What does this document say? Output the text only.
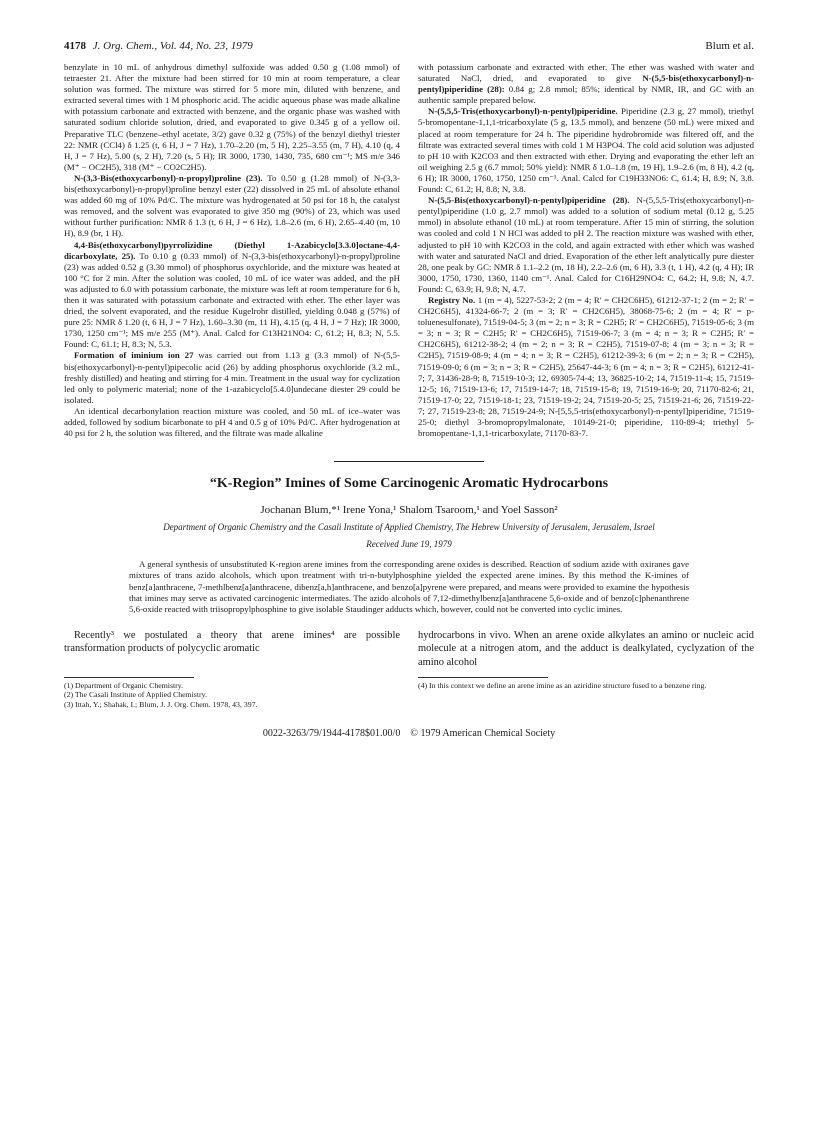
4178 J. Org. Chem., Vol. 44, No. 23, 1979	Blum et al.

benzylate in 10 mL of anhydrous dimethyl sulfoxide was added 0.50 g (1.08 mmol) of tetraester 21. After the mixture had been stirred for 10 min at room temperature, a clear solution was formed. The mixture was stirred for 5 more min, diluted with benzene, and extracted several times with 1 M phosphoric acid. The acidic aqueous phase was made alkaline with potassium carbonate and extracted with benzene, and the organic phase was washed with saturated sodium chloride solution, dried, and evaporated to give 0.345 g of a yellow oil. Preparative TLC (benzene–ethyl acetate, 3/2) gave 0.32 g (75%) of the benzyl diethyl triester 22: NMR (CCl4) δ 1.25 (t, 6 H, J = 7 Hz), 1.70–2.20 (m, 5 H), 2.25–3.55 (m, 7 H), 4.10 (q, 4 H, J = 7 Hz), 5.00 (s, 2 H), 7.20 (s, 5 H); IR 3000, 1730, 1430, 735, 680 cm⁻¹; MS m/e 346 (M⁺ − OC2H5), 318 (M⁺ − CO2C2H5).

N-(3,3-Bis(ethoxycarbonyl)-n-propyl)proline (23). To 0.50 g (1.28 mmol) of N-(3,3-bis(ethoxycarbonyl)-n-propyl)proline benzyl ester (22) dissolved in 25 mL of absolute ethanol was added 60 mg of 10% Pd/C. The mixture was hydrogenated at 50 psi for 18 h, the catalyst was removed, and the solvent was evaporated to give 350 mg (90%) of 23, which was used without further purification: NMR δ 1.3 (t, 6 H, J = 6 Hz), 1.8–2.6 (m, 6 H), 2.65–4.40 (m, 10 H), 8.9 (br, 1 H).

4,4-Bis(ethoxycarbonyl)pyrrolizidine (Diethyl 1-Azabicyclo[3.3.0]octane-4,4-dicarboxylate, 25). To 0.10 g (0.33 mmol) of N-(3,3-bis(ethoxycarbonyl)-n-propyl)proline (23) was added 0.52 g (3.30 mmol) of phosphorus oxychloride, and the mixture was heated at 100 °C for 2 min. After the solution was cooled, 10 mL of ice water was added, and the pH was adjusted to 6.0 with potassium carbonate, the mixture was left at room temperature for 6 h, then it was saturated with potassium carbonate and extracted with ether. The ether layer was dried, the solvent evaporated, and the residue Kugelrohr distilled, yielding 0.048 g (57%) of pure 25: NMR δ 1.20 (t, 6 H, J = 7 Hz), 1.60–3.30 (m, 11 H), 4.15 (q, 4 H, J = 7 Hz); IR 3000, 1730, 1250 cm⁻¹; MS m/e 255 (M⁺). Anal. Calcd for C13H21NO4: C, 61.2; H, 8.3; N, 5.5. Found: C, 61.1; H, 8.3; N, 5.3.

Formation of iminium ion 27 was carried out from 1.13 g (3.3 mmol) of N-(5,5-bis(ethoxycarbonyl)-n-pentyl)pipecolic acid (26) by adding phosphorus oxychloride (3.2 mL, freshly distilled) and heating and stirring for 4 min. Treatment in the usual way for cyclization led only to polymeric material; none of the 1-azabicyclo[5.4.0]undecane diester 29 could be isolated.

An identical decarbonylation reaction mixture was cooled, and 50 mL of ice–water was added, followed by sodium bicarbonate to pH 4 and 0.5 g of 10% Pd/C. After hydrogenation at 40 psi for 2 h, the solution was filtered, and the filtrate was made alkaline

with potassium carbonate and extracted with ether. The ether was washed with water and saturated NaCl, dried, and evaporated to give N-(5,5-bis(ethoxycarbonyl)-n-pentyl)piperidine (28): 0.84 g; 2.8 mmol; 85%; identical by NMR, IR, and GC with an authentic sample prepared below.

N-(5,5,5-Tris(ethoxycarbonyl)-n-pentyl)piperidine. Piperidine (2.3 g, 27 mmol), triethyl 5-bromopentane-1,1,1-tricarboxylate (5 g, 13.5 mmol), and benzene (50 mL) were mixed and placed at room temperature for 24 h. The piperidine hydrobromide was filtered off, and the filtrate was extracted several times with cold 1 M H3PO4. The cold acid solution was adjusted to pH 10 with K2CO3 and then extracted with ether. Drying and evaporating the ether left an oil weighing 2.5 g (6.7 mmol; 50% yield): NMR δ 1.0–1.8 (m, 19 H), 1.9–2.6 (m, 8 H), 4.2 (q, 6 H); IR 3000, 1760, 1750, 1250 cm⁻¹. Anal. Calcd for C19H33NO6: C, 61.4; H, 8.9; N, 3.8. Found: C, 61.2; H, 8.8; N, 3.8.

N-(5,5-Bis(ethoxycarbonyl)-n-pentyl)piperidine (28). N-(5,5,5-Tris(ethoxycarbonyl)-n-pentyl)piperidine (1.0 g, 2.7 mmol) was added to a solution of sodium metal (0.12 g, 5.25 mmol) in absolute ethanol (10 mL) at room temperature. After 15 min of stirring, the solution was cooled and cold 1 N HCl was added to pH 2. The reaction mixture was washed with ether, adjusted to pH 10 with K2CO3 in the cold, and again extracted with ether which was washed with water and saturated NaCl and dried. Evaporation of the ether left analytically pure diester 28, one peak by GC: NMR δ 1.1–2.2 (m, 18 H), 2.2–2.6 (m, 6 H), 3.3 (t, 1 H), 4.2 (q, 4 H); IR 3000, 1750, 1730, 1360, 1140 cm⁻¹. Anal. Calcd for C16H29NO4: C, 64.2; H, 9.8; N, 4.7. Found: C, 63.9; H, 9.8; N, 4.7.

Registry No. 1 (m = 4), 5227-53-2; 2 (m = 4; R′ = CH2C6H5), 61212-37-1; 2 (m = 2; R′ = CH2C6H5), 41324-66-7; 2 (m = 3; R′ = CH2C6H5), 38068-75-6; 2 (m = 4; R′ = p-toluenesulfonate), 71519-04-5; 3 (m = 2; n = 3; R = C2H5; R′ = CH2C6H5), 71519-05-6; 3 (m = 3; n = 3; R = C2H5; R′ = CH2C6H5), 71519-06-7; 3 (m = 4; n = 3; R = C2H5; R′ = CH2C6H5), 61212-38-2; 4 (m = 2; n = 3; R = C2H5), 71519-07-8; 4 (m = 3; n = 3; R = C2H5), 71519-08-9; 4 (m = 4; n = 3; R = C2H5), 61212-39-3; 6 (m = 2; n = 3; R = C2H5), 71519-09-0; 6 (m = 3; n = 3; R = C2H5), 25647-44-3; 6 (m = 4; n = 3; R = C2H5), 61212-41-7; 7, 31436-28-9; 8, 71519-10-3; 12, 69305-74-4; 13, 36825-10-2; 14, 71519-11-4; 15, 71519-12-5; 16, 71519-13-6; 17, 71519-14-7; 18, 71519-15-8; 19, 71519-16-9; 20, 71170-82-6; 21, 71519-17-0; 22, 71519-18-1; 23, 71519-19-2; 24, 71519-20-5; 25, 71519-21-6; 26, 71519-22-7; 27, 71519-23-8; 28, 71519-24-9; N-[5,5,5-tris(ethoxycarbonyl)-n-pentyl]piperidine, 71519-25-0; diethyl 3-bromopropylmalonate, 10149-21-0; piperidine, 110-89-4; triethyl 5-bromopentane-1,1,1-tricarboxylate, 71170-83-7.

“K-Region” Imines of Some Carcinogenic Aromatic Hydrocarbons
Jochanan Blum,*¹ Irene Yona,¹ Shalom Tsaroom,¹ and Yoel Sasson²
Department of Organic Chemistry and the Casali Institute of Applied Chemistry, The Hebrew University of Jerusalem, Jerusalem, Israel
Received June 19, 1979
A general synthesis of unsubstituted K-region arene imines from the corresponding arene oxides is described. Reaction of sodium azide with oxiranes gave mixtures of trans azido alcohols, which upon treatment with tri-n-butylphosphine yielded the expected arene imines. By this method the K-imines of benz[a]anthracene, 7-methlbenz[a]anthracene, dibenz[a,h]anthracene, and benzo[a]pyrene were prepared, and means were provided to examine the hypothesis that imines may serve as activated carcinogenic intermediates. The azido alcohols of 7,12-dimethylbenz[a]anthracene 5,6-oxide and of benzo[c]phenanthrene 5,6-oxide reacted with triisopropylphosphine to give isolable Staudinger adducts which, however, could not be converted into cyclic imines.

Recently³ we postulated a theory that arene imines⁴ are possible transformation products of polycyclic aromatic

hydrocarbons in vivo. When an arene oxide alkylates an amino or nucleic acid molecule at a nitrogen atom, and the adduct is dealkylated, cyclyzation of the amino alcohol

(1) Department of Organic Chemistry.
(2) The Casali Institute of Applied Chemistry.
(3) Ittah, Y.; Shahak, I.; Blum, J. J. Org. Chem. 1978, 43, 397.
(4) In this context we define an arene imine as an aziridine structure fused to a benzene ring.
0022-3263/79/1944-4178$01.00/0 © 1979 American Chemical Society
